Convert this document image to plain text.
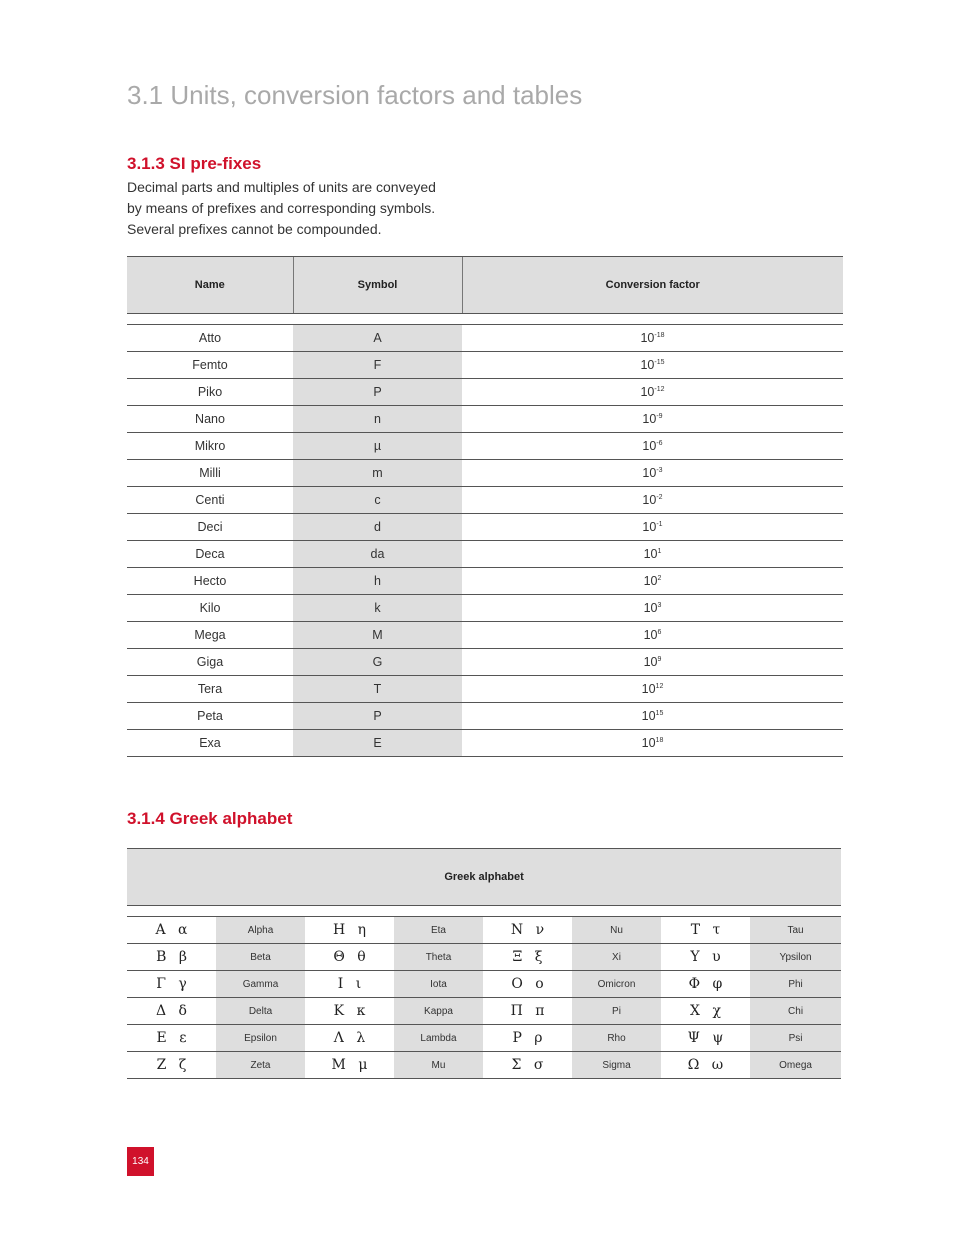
3.1 Units, conversion factors and tables
3.1.3 SI pre-fixes
Decimal parts and multiples of units are conveyed
by means of prefixes and corresponding symbols.
Several prefixes cannot be compounded.
Name	Symbol	Conversion factor

Atto	A	$10^{-18}$
Femto	F	$10^{-15}$
Piko	P	$10^{-12}$
Nano	n	$10^{-9}$
Mikro	µ	$10^{-6}$
Milli	m	$10^{-3}$
Centi	c	$10^{-2}$
Deci	d	$10^{-1}$
Deca	da	$10^1$
Hecto	h	$10^2$
Kilo	k	$10^3$
Mega	M	$10^6$
Giga	G	$10^9$
Tera	T	$10^{12}$
Peta	P	$10^{15}$
Exa	E	$10^{18}$
3.1.4 Greek alphabet
Greek alphabet							

Α α	Alpha	Η η	Eta	Ν ν	Nu	Τ τ	Tau
Β β	Beta	Θ θ	Theta	Ξ ξ	Xi	Υ υ	Ypsilon
Γ γ	Gamma	Ι ι	Iota	Ο ο	Omicron	Φ φ	Phi
Δ δ	Delta	Κ κ	Kappa	Π π	Pi	Χ χ	Chi
Ε ε	Epsilon	Λ λ	Lambda	Ρ ρ	Rho	Ψ ψ	Psi
Ζ ζ	Zeta	Μ μ	Mu	Σ σ	Sigma	Ω ω	Omega
134
